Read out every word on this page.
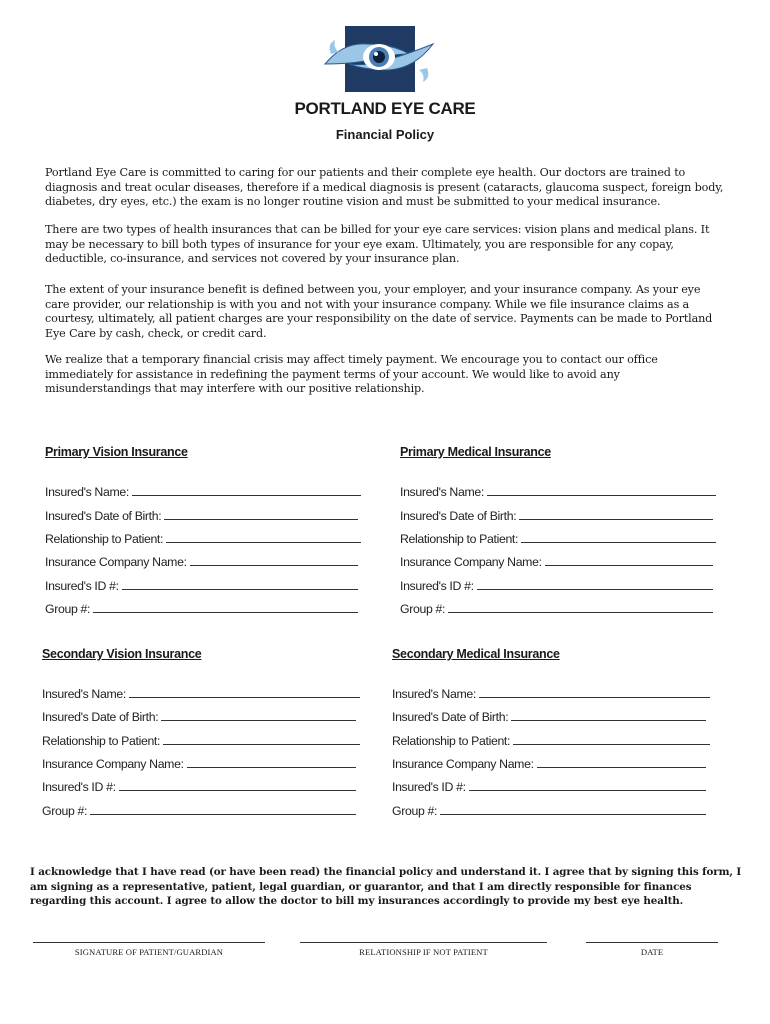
PORTLAND EYE CARE
Financial Policy

Portland Eye Care is committed to caring for our patients and their complete eye health. Our doctors are trained to diagnosis and treat ocular diseases, therefore if a medical diagnosis is present (cataracts, glaucoma suspect, foreign body, diabetes, dry eyes, etc.) the exam is no longer routine vision and must be submitted to your medical insurance.

There are two types of health insurances that can be billed for your eye care services: vision plans and medical plans. It may be necessary to bill both types of insurance for your eye exam. Ultimately, you are responsible for any copay, deductible, co-insurance, and services not covered by your insurance plan.

The extent of your insurance benefit is defined between you, your employer, and your insurance company. As your eye care provider, our relationship is with you and not with your insurance company. While we file insurance claims as a courtesy, ultimately, all patient charges are your responsibility on the date of service. Payments can be made to Portland Eye Care by cash, check, or credit card.

We realize that a temporary financial crisis may affect timely payment. We encourage you to contact our office immediately for assistance in redefining the payment terms of your account. We would like to avoid any misunderstandings that may interfere with our positive relationship.

Primary Vision Insurance
Insured's Name:
Insured's Date of Birth:
Relationship to Patient:
Insurance Company Name:
Insured's ID #:
Group #:
Primary Medical Insurance
Insured's Name:
Insured's Date of Birth:
Relationship to Patient:
Insurance Company Name:
Insured's ID #:
Group #:
Secondary Vision Insurance
Insured's Name:
Insured's Date of Birth:
Relationship to Patient:
Insurance Company Name:
Insured's ID #:
Group #:
Secondary Medical Insurance
Insured's Name:
Insured's Date of Birth:
Relationship to Patient:
Insurance Company Name:
Insured's ID #:
Group #:

I acknowledge that I have read (or have been read) the financial policy and understand it. I agree that by signing this form, I am signing as a representative, patient, legal guardian, or guarantor, and that I am directly responsible for finances regarding this account. I agree to allow the doctor to bill my insurances accordingly to provide my best eye health.

SIGNATURE OF PATIENT/GUARDIAN	RELATIONSHIP IF NOT PATIENT	DATE
